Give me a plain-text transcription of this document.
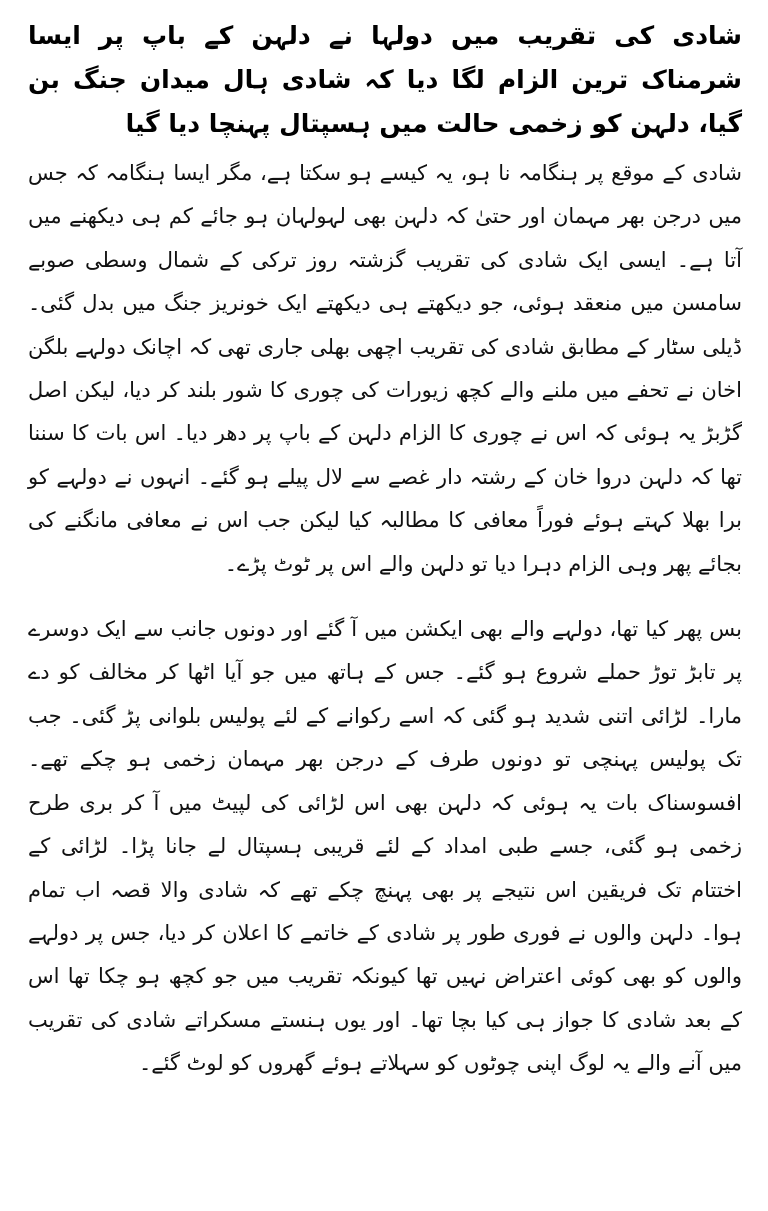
شادی کی تقریب میں دولہا نے دلہن کے باپ پر ایسا شرمناک ترین الزام لگا دیا کہ شادی ہال میدان جنگ بن گیا، دلہن کو زخمی حالت میں ہسپتال پہنچا دیا گیا

شادی کے موقع پر ہنگامہ نا ہو، یہ کیسے ہو سکتا ہے، مگر ایسا ہنگامہ کہ جس میں درجن بھر مہمان اور حتیٰ کہ دلہن بھی لہولہان ہو جائے کم ہی دیکھنے میں آتا ہے۔ ایسی ایک شادی کی تقریب گزشتہ روز ترکی کے شمال وسطی صوبے سامسن میں منعقد ہوئی، جو دیکھتے ہی دیکھتے ایک خونریز جنگ میں بدل گئی۔ ڈیلی سٹار کے مطابق شادی کی تقریب اچھی بھلی جاری تھی کہ اچانک دولہے بلگن اخان نے تحفے میں ملنے والے کچھ زیورات کی چوری کا شور بلند کر دیا، لیکن اصل گڑبڑ یہ ہوئی کہ اس نے چوری کا الزام دلہن کے باپ پر دھر دیا۔ اس بات کا سننا تھا کہ دلہن دروا خان کے رشتہ دار غصے سے لال پیلے ہو گئے۔ انہوں نے دولہے کو برا بھلا کہتے ہوئے فوراً معافی کا مطالبہ کیا لیکن جب اس نے معافی مانگنے کی بجائے پھر وہی الزام دہرا دیا تو دلہن والے اس پر ٹوٹ پڑے۔

بس پھر کیا تھا، دولہے والے بھی ایکشن میں آ گئے اور دونوں جانب سے ایک دوسرے پر تابڑ توڑ حملے شروع ہو گئے۔ جس کے ہاتھ میں جو آیا اٹھا کر مخالف کو دے مارا۔ لڑائی اتنی شدید ہو گئی کہ اسے رکوانے کے لئے پولیس بلوانی پڑ گئی۔ جب تک پولیس پہنچی تو دونوں طرف کے درجن بھر مہمان زخمی ہو چکے تھے۔ افسوسناک بات یہ ہوئی کہ دلہن بھی اس لڑائی کی لپیٹ میں آ کر بری طرح زخمی ہو گئی، جسے طبی امداد کے لئے قریبی ہسپتال لے جانا پڑا۔ لڑائی کے اختتام تک فریقین اس نتیجے پر بھی پہنچ چکے تھے کہ شادی والا قصہ اب تمام ہوا۔ دلہن والوں نے فوری طور پر شادی کے خاتمے کا اعلان کر دیا، جس پر دولہے والوں کو بھی کوئی اعتراض نہیں تھا کیونکہ تقریب میں جو کچھ ہو چکا تھا اس کے بعد شادی کا جواز ہی کیا بچا تھا۔ اور یوں ہنستے مسکراتے شادی کی تقریب میں آنے والے یہ لوگ اپنی چوٹوں کو سہلاتے ہوئے گھروں کو لوٹ گئے۔
